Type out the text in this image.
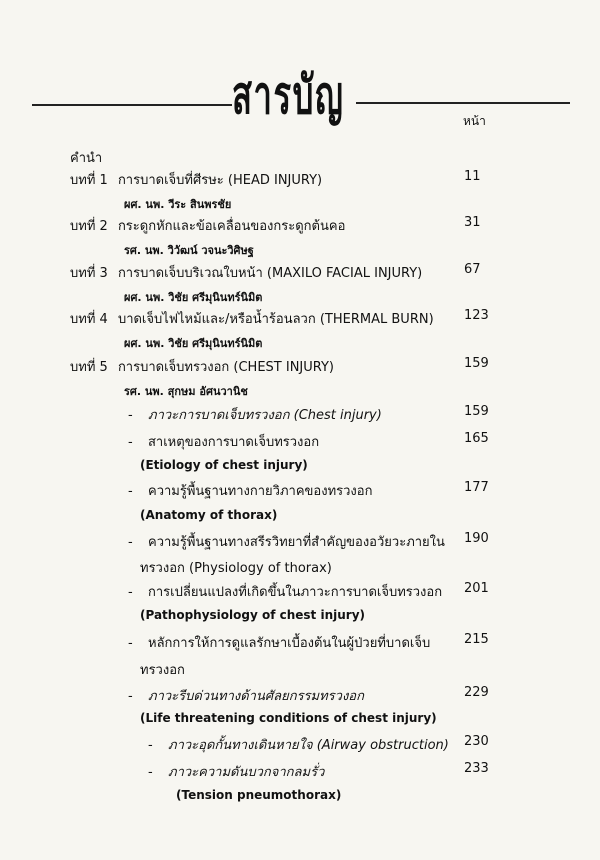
สารบัญ	หน้า
คำนำ
บทที่ 1 การบาดเจ็บที่ศีรษะ (HEAD INJURY)	11
ผศ. นพ. วีระ สินพรชัย
บทที่ 2 กระดูกหักและข้อเคลื่อนของกระดูกต้นคอ	31
รศ. นพ. วิวัฒน์ วจนะวิศิษฐ
บทที่ 3 การบาดเจ็บบริเวณใบหน้า (MAXILO FACIAL INJURY)	67
ผศ. นพ. วิชัย ศรีมุนินทร์นิมิต
บทที่ 4 บาดเจ็บไฟไหม้และ/หรือน้ำร้อนลวก (THERMAL BURN) 123
ผศ. นพ. วิชัย ศรีมุนินทร์นิมิต
บทที่ 5 การบาดเจ็บทรวงอก (CHEST INJURY)	159
รศ. นพ. สุกษม อัศนวานิช
- ภาวะการบาดเจ็บทรวงอก (Chest injury)	159
- สาเหตุของการบาดเจ็บทรวงอก	165
(Etiology of chest injury)
- ความรู้พื้นฐานทางกายวิภาคของทรวงอก	177
(Anatomy of thorax)
- ความรู้พื้นฐานทางสรีรวิทยาที่สำคัญของอวัยวะภายใน 190
ทรวงอก (Physiology of thorax)
- การเปลี่ยนแปลงที่เกิดขึ้นในภาวะการบาดเจ็บทรวงอก 201
(Pathophysiology of chest injury)
- หลักการให้การดูแลรักษาเบื้องต้นในผู้ป่วยที่บาดเจ็บ	215
ทรวงอก
- ภาวะรีบด่วนทางด้านศัลยกรรมทรวงอก	229
(Life threatening conditions of chest injury)
- ภาวะอุดกั้นทางเดินหายใจ (Airway obstruction) 230
- ภาวะความดันบวกจากลมรั่ว	233
(Tension pneumothorax)
